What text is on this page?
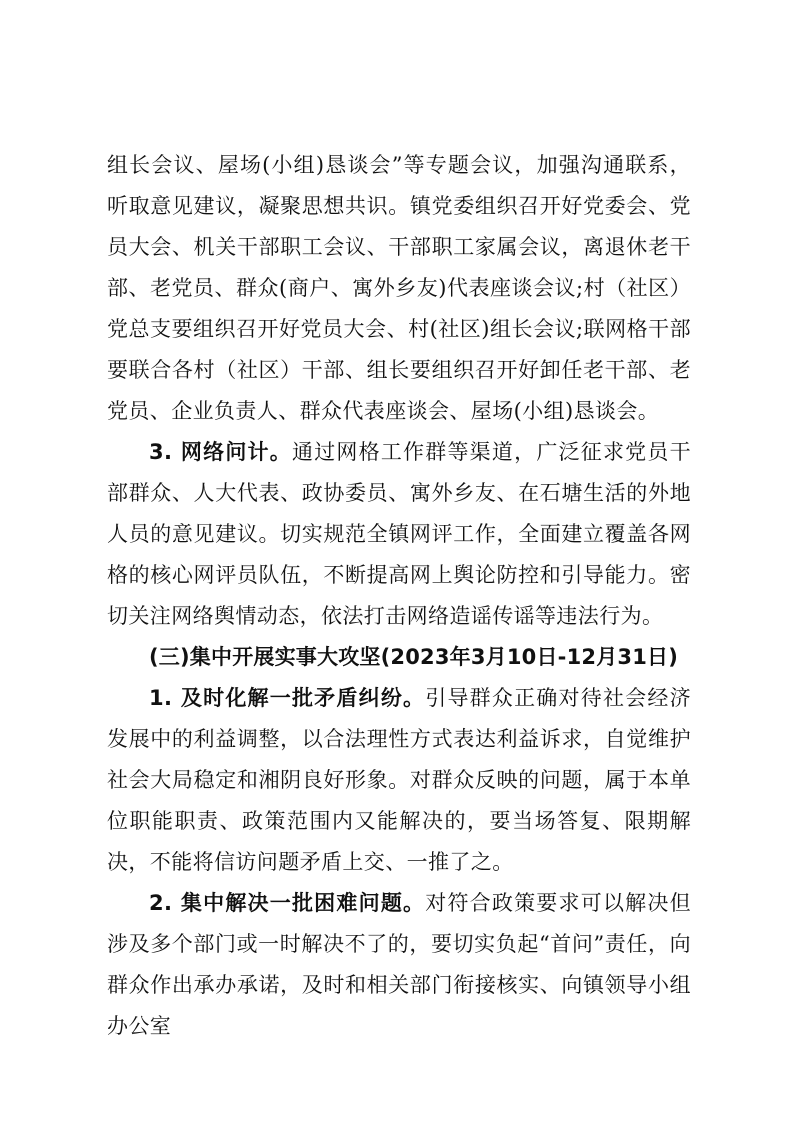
组长会议、屋场(小组)恳谈会”等专题会议，加强沟通联系，听取意见建议，凝聚思想共识。镇党委组织召开好党委会、党员大会、机关干部职工会议、干部职工家属会议，离退休老干部、老党员、群众(商户、寓外乡友)代表座谈会议;村（社区）党总支要组织召开好党员大会、村(社区)组长会议;联网格干部要联合各村（社区）干部、组长要组织召开好卸任老干部、老党员、企业负责人、群众代表座谈会、屋场(小组)恳谈会。

3. 网络问计。通过网格工作群等渠道，广泛征求党员干部群众、人大代表、政协委员、寓外乡友、在石塘生活的外地人员的意见建议。切实规范全镇网评工作，全面建立覆盖各网格的核心网评员队伍，不断提高网上舆论防控和引导能力。密切关注网络舆情动态，依法打击网络造谣传谣等违法行为。

(三)集中开展实事大攻坚(2023年3月10日-12月31日)

1. 及时化解一批矛盾纠纷。引导群众正确对待社会经济发展中的利益调整，以合法理性方式表达利益诉求，自觉维护社会大局稳定和湘阴良好形象。对群众反映的问题，属于本单位职能职责、政策范围内又能解决的，要当场答复、限期解决，不能将信访问题矛盾上交、一推了之。

2. 集中解决一批困难问题。对符合政策要求可以解决但涉及多个部门或一时解决不了的，要切实负起“首问”责任，向群众作出承办承诺，及时和相关部门衔接核实、向镇领导小组办公室
